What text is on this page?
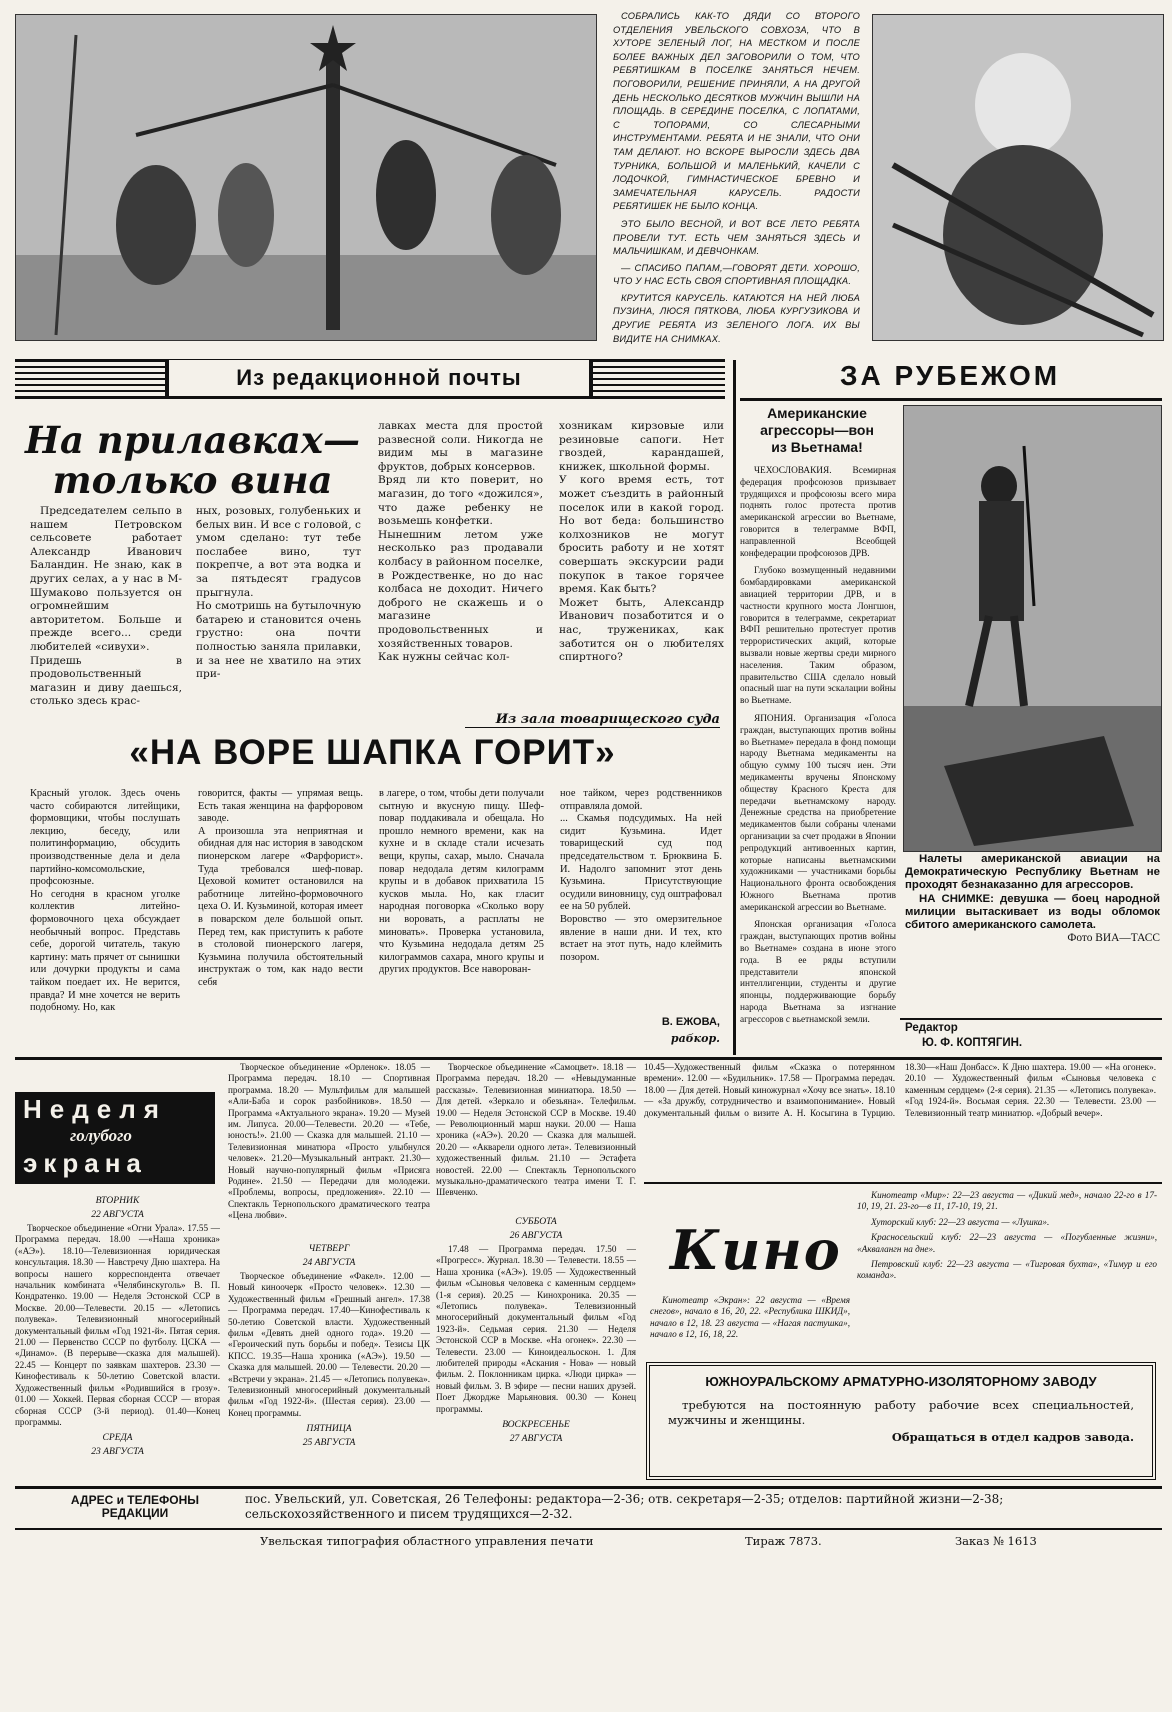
СОБРАЛИСЬ КАК-ТО ДЯДИ СО ВТОРОГО ОТДЕЛЕНИЯ УВЕЛЬСКОГО СОВХОЗА, ЧТО В ХУТОРЕ ЗЕЛЕНЫЙ ЛОГ, НА МЕСТКОМ И ПОСЛЕ БОЛЕЕ ВАЖНЫХ ДЕЛ ЗАГОВОРИЛИ О ТОМ, ЧТО РЕБЯТИШКАМ В ПОСЕЛКЕ ЗАНЯТЬСЯ НЕЧЕМ. ПОГОВОРИЛИ, РЕШЕНИЕ ПРИНЯЛИ, А НА ДРУГОЙ ДЕНЬ НЕСКОЛЬКО ДЕСЯТКОВ МУЖЧИН ВЫШЛИ НА ПЛОЩАДЬ. В СЕРЕДИНЕ ПОСЕЛКА, С ЛОПАТАМИ, С ТОПОРАМИ, СО СЛЕСАРНЫМИ ИНСТРУМЕНТАМИ. РЕБЯТА И НЕ ЗНАЛИ, ЧТО ОНИ ТАМ ДЕЛАЮТ. НО ВСКОРЕ ВЫРОСЛИ ЗДЕСЬ ДВА ТУРНИКА, БОЛЬШОЙ И МАЛЕНЬКИЙ, КАЧЕЛИ С ЛОДОЧКОЙ, ГИМНАСТИЧЕСКОЕ БРЕВНО И ЗАМЕЧАТЕЛЬНАЯ КАРУСЕЛЬ. РАДОСТИ РЕБЯТИШЕК НЕ БЫЛО КОНЦА.

ЭТО БЫЛО ВЕСНОЙ, И ВОТ ВСЕ ЛЕТО РЕБЯТА ПРОВЕЛИ ТУТ. ЕСТЬ ЧЕМ ЗАНЯТЬСЯ ЗДЕСЬ И МАЛЬЧИШКАМ, И ДЕВЧОНКАМ.

— СПАСИБО ПАПАМ,—ГОВОРЯТ ДЕТИ. ХОРОШО, ЧТО У НАС ЕСТЬ СВОЯ СПОРТИВНАЯ ПЛОЩАДКА.

КРУТИТСЯ КАРУСЕЛЬ. КАТАЮТСЯ НА НЕЙ ЛЮБА ПУЗИНА, ЛЮСЯ ПЯТКОВА, ЛЮБА КУРГУЗИКОВА И ДРУГИЕ РЕБЯТА ИЗ ЗЕЛЕНОГО ЛОГА. ИХ ВЫ ВИДИТЕ НА СНИМКАХ.

Из редакционной почты	ЗА РУБЕЖОМ
Американские агрессоры—вон из Вьетнама!

ЧЕХОСЛОВАКИЯ. Всемирная федерация профсоюзов призывает трудящихся и профсоюзы всего мира поднять голос протеста против американской агрессии во Вьетнаме, говорится в телеграмме ВФП, направленной Всеобщей конфедерации профсоюзов ДРВ.

Глубоко возмущенный недавними бомбардировками американской авиацией территории ДРВ, и в частности крупного моста Лонгшон, говорится в телеграмме, секретариат ВФП решительно протестует против террористических акций, которые вызвали новые жертвы среди мирного населения. Таким образом, правительство США сделало новый опасный шаг на пути эскалации войны во Вьетнаме.

ЯПОНИЯ. Организация «Голоса граждан, выступающих против войны во Вьетнаме» передала в фонд помощи народу Вьетнама медикаменты на общую сумму 100 тысяч иен. Эти медикаменты вручены Японскому обществу Красного Креста для передачи вьетнамскому народу. Денежные средства на приобретение медикаментов были собраны членами организации за счет продажи в Японии репродукций антивоенных картин, которые написаны вьетнамскими художниками — участниками борьбы Национального фронта освобождения Южного Вьетнама против американской агрессии во Вьетнаме.

Японская организация «Голоса граждан, выступающих против войны во Вьетнаме» создана в июне этого года. В ее ряды вступили представители японской интеллигенции, студенты и другие японцы, поддерживающие борьбу народа Вьетнама за изгнание агрессоров с вьетнамской земли.

Налеты американской авиации на Демократическую Республику Вьетнам не проходят безнаказанно для агрессоров.

НА СНИМКЕ: девушка — боец народной милиции вытаскивает из воды обломок сбитого американского самолета.

Фото ВИА—ТАСС
Редактор
Ю. Ф. КОПТЯГИН.
На прилавках—
только вина
Председателем сельпо в нашем Петровском сельсовете работает Александр Иванович Баландин. Не знаю, как в других селах, а у нас в М-Шумаково пользуется он огромнейшим авторитетом. Больше и прежде всего... среди любителей «сивухи».
Придешь в продовольственный магазин и диву даешься, столько здесь крас-
ных, розовых, голубеньких и белых вин. И все с головой, с умом сделано: тут тебе послабее вино, тут покрепче, а вот эта водка и за пятьдесят градусов прыгнула.
Но смотришь на бутылочную батарею и становится очень грустно: она почти полностью заняла прилавки, и за нее не хватило на этих при-
лавках места для простой развесной соли. Никогда не видим мы в магазине фруктов, добрых консервов.
Вряд ли кто поверит, но магазин, до того «дожился», что даже ребенку не возьмешь конфетки.
Нынешним летом уже несколько раз продавали колбасу в районном поселке, в Рождественке, но до нас колбаса не доходит. Ничего доброго не скажешь и о магазине продовольственных и хозяйственных товаров.
Как нужны сейчас кол-
хозникам кирзовые или резиновые сапоги. Нет гвоздей, карандашей, книжек, школьной формы.
У кого время есть, тот может съездить в районный поселок или в какой город. Но вот беда: большинство колхозников не могут бросить работу и не хотят совершать экскурсии ради покупок в такое горячее время. Как быть?
Может быть, Александр Иванович позаботится и о нас, тружениках, как заботится он о любителях спиртного?
Из зала товарищеского суда
«НА ВОРЕ ШАПКА ГОРИТ»
Красный уголок. Здесь очень часто собираются литейщики, формовщики, чтобы послушать лекцию, беседу, или политинформацию, обсудить производственные дела и дела партийно-комсомольские, профсоюзные.
Но сегодня в красном уголке коллектив литейно-формовочного цеха обсуждает необычный вопрос. Представь себе, дорогой читатель, такую картину: мать прячет от сынишки или дочурки продукты и сама тайком поедает их. Не верится, правда? И мне хочется не верить подобному. Но, как
говорится, факты — упрямая вещь. Есть такая женщина на фарфоровом заводе.
А произошла эта неприятная и обидная для нас история в заводском пионерском лагере «Фарфорист». Туда требовался шеф-повар. Цеховой комитет остановился на работнице литейно-формовочного цеха О. И. Кузьминой, которая имеет в поварском деле большой опыт. Перед тем, как приступить к работе в столовой пионерского лагеря, Кузьмина получила обстоятельный инструктаж о том, как надо вести себя
в лагере, о том, чтобы дети получали сытную и вкусную пищу. Шеф-повар поддакивала и обещала. Но прошло немного времени, как на кухне и в складе стали исчезать вещи, крупы, сахар, мыло. Сначала повар недодала детям килограмм крупы и в добавок прихватила 15 кусков мыла. Но, как гласит народная поговорка «Сколько вору ни воровать, а расплаты не миновать». Проверка установила, что Кузьмина недодала детям 25 килограммов сахара, много крупы и других продуктов. Все наворован-
ное тайком, через родственников отправляла домой.
... Скамья подсудимых. На ней сидит Кузьмина. Идет товарищеский суд под председательством т. Брюквина Б. И. Надолго запомнит этот день Кузьмина. Присутствующие осудили виновницу, суд оштрафовал ее на 50 рублей.
Воровство — это омерзительное явление в наши дни. И тех, кто встает на этот путь, надо клеймить позором.
В. ЕЖОВА,
рабкор.
Неделя
голубого
экрана
ВТОРНИК
22 АВГУСТА
Творческое объединение «Огни Урала». 17.55 — Программа передач. 18.00 —«Наша хроника» («АЭ»). 18.10—Телевизионная юридическая консультация. 18.30 — Навстречу Дню шахтера. На вопросы нашего корреспондента отвечает начальник комбината «Челябинскуголь» В. П. Кондратенко. 19.00 — Неделя Эстонской ССР в Москве. 20.00—Телевести. 20.15 — «Летопись полувека». Телевизионный многосерийный документальный фильм «Год 1921-й». Пятая серия. 21.00 — Первенство СССР по футболу. ЦСКА — «Динамо». (В перерыве—сказка для малышей). 22.45 — Концерт по заявкам шахтеров. 23.30 — Кинофестиваль к 50-летию Советской власти. Художественный фильм «Родившийся в грозу». 01.00 — Хоккей. Первая сборная СССР — вторая сборная СССР (3-й период). 01.40—Конец программы.
СРЕДА
23 АВГУСТА
Творческое объединение «Орленок». 18.05 — Программа передач. 18.10 — Спортивная программа. 18.20 — Мультфильм для малышей «Али-Баба и сорок разбойников». 18.50 — Программа «Актуального экрана». 19.20 — Музей им. Липуса. 20.00—Телевести. 20.20 — «Тебе, юность!». 21.00 — Сказка для малышей. 21.10 — Телевизионная минатюра «Просто улыбнулся человек». 21.20—Музыкальный антракт. 21.30—Новый научно-популярный фильм «Присяга Родине». 21.50 — Передачи для молодежи. «Проблемы, вопросы, предложения». 22.10 — Спектакль Тернопольского драматического театра «Цена любви».
ЧЕТВЕРГ
24 АВГУСТА
Творческое объединение «Факел». 12.00 — Новый киноочерк «Просто человек». 12.30 — Художественный фильм «Грешный ангел». 17.38 — Программа передач. 17.40—Кинофестиваль к 50-летию Советской власти. Художественный фильм «Девять дней одного года». 19.20 — «Героический путь борьбы и побед». Тезисы ЦК КПСС. 19.35—Наша хроника («АЭ»). 19.50 — Сказка для малышей. 20.00 — Телевести. 20.20 — «Встречи у экрана». 21.45 — «Летопись полувека». Телевизионный многосерийный документальный фильм «Год 1922-й». (Шестая серия). 23.00 — Конец программы.
ПЯТНИЦА
25 АВГУСТА
Творческое объединение «Самоцвет». 18.18 — Программа передач. 18.20 — «Невыдуманные рассказы». Телевизионная миниатюра. 18.50 — Для детей. «Зеркало и обезьяна». Телефильм. 19.00 — Неделя Эстонской ССР в Москве. 19.40 — Революционный марш науки. 20.00 — Наша хроника («АЭ»). 20.20 — Сказка для малышей. 20.20 — «Акварели одного лета». Телевизионный художественный фильм. 21.10 — Эстафета новостей. 22.00 — Спектакль Тернопольского музыкально-драматического театра имени Т. Г. Шевченко.
СУББОТА
26 АВГУСТА
17.48 — Программа передач. 17.50 — «Прогресс». Журнал. 18.30 — Телевести. 18.55 — Наша хроника («АЭ»). 19.05 — Художественный фильм «Сыновья человека с каменным сердцем» (1-я серия). 20.25 — Кинохроника. 20.35 — «Летопись полувека». Телевизионный многосерийный документальный фильм «Год 1923-й». Седьмая серия. 21.30 — Неделя Эстонской ССР в Москве. «На огонек». 22.30 — Телевести. 23.00 — Киноидеальоскон. 1. Для любителей природы «Аскания - Нова» — новый фильм. 2. Поклонникам цирка. «Люди цирка» — новый фильм. 3. В эфире — песни наших друзей. Поет Джордже Марьяновия. 00.30 — Конец программы.
ВОСКРЕСЕНЬЕ
27 АВГУСТА
10.45—Художественный фильм «Сказка о потерянном времени». 12.00 — «Будильник». 17.58 — Программа передач. 18.00 — Для детей. Новый киножурнал «Хочу все знать». 18.10 — «За дружбу, сотрудничество и взаимопонимание». Новый документальный фильм о визите А. Н. Косыгина в Турцию. 18.30—«Наш Донбасс». К Дню шахтера. 19.00 — «На огонек». 20.10 — Художественный фильм «Сыновья человека с каменным сердцем» (2-я серия). 21.35 — «Летопись полувека». «Год 1924-й». Восьмая серия. 22.30 — Телевести. 23.00 — Телевизионный театр миниатюр. «Добрый вечер».
Кино
Кинотеатр «Экран»: 22 августа — «Время снегов», начало в 16, 20, 22. «Республика ШКИД», начало в 12, 18. 23 августа — «Нагая пастушка», начало в 12, 16, 18, 22.

Кинотеатр «Мир»: 22—23 августа — «Дикий мед», начало 22-го в 17-10, 19, 21. 23-го—в 11, 17-10, 19, 21.

Хуторский клуб: 22—23 августа — «Лушка».

Красносельский клуб: 22—23 августа — «Погубленные жизни», «Аквалангн на дне».

Петровский клуб: 22—23 августа — «Тигровая бухта», «Тимур и его команда».

ЮЖНОУРАЛЬСКОМУ АРМАТУРНО-ИЗОЛЯТОРНОМУ ЗАВОДУ
требуются на постоянную работу рабочие всех специальностей, мужчины и женщины.
Обращаться в отдел кадров завода.
АДРЕС и ТЕЛЕФОНЫ РЕДАКЦИИ
пос. Увельский, ул. Советская, 26 Телефоны: редактора—2-36; отв. секретаря—2-35; отделов: партийной жизни—2-38; сельскохозяйственного и писем трудящихся—2-32.
Увельская типография областного управления печати	Тираж 7873.	Заказ № 1613
